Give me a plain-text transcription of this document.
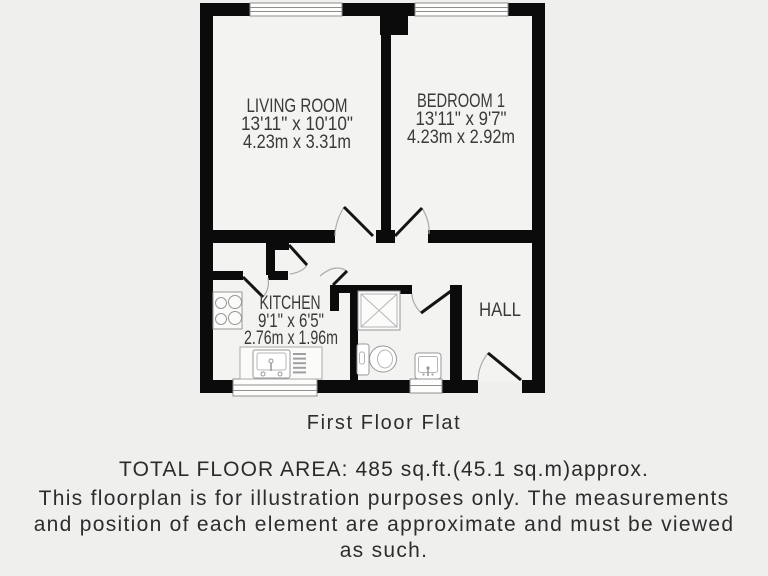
LIVING ROOM
13'11" x 10'10"
4.23m x 3.31m
BEDROOM 1
13'11" x 9'7"
4.23m x 2.92m
KITCHEN
9'1" x 6'5"
2.76m x 1.96m
HALL
First Floor Flat
TOTAL FLOOR AREA: 485 sq.ft.(45.1 sq.m)approx.
This floorplan is for illustration purposes only. The measurements
and position of each element are approximate and must be viewed
as such.
